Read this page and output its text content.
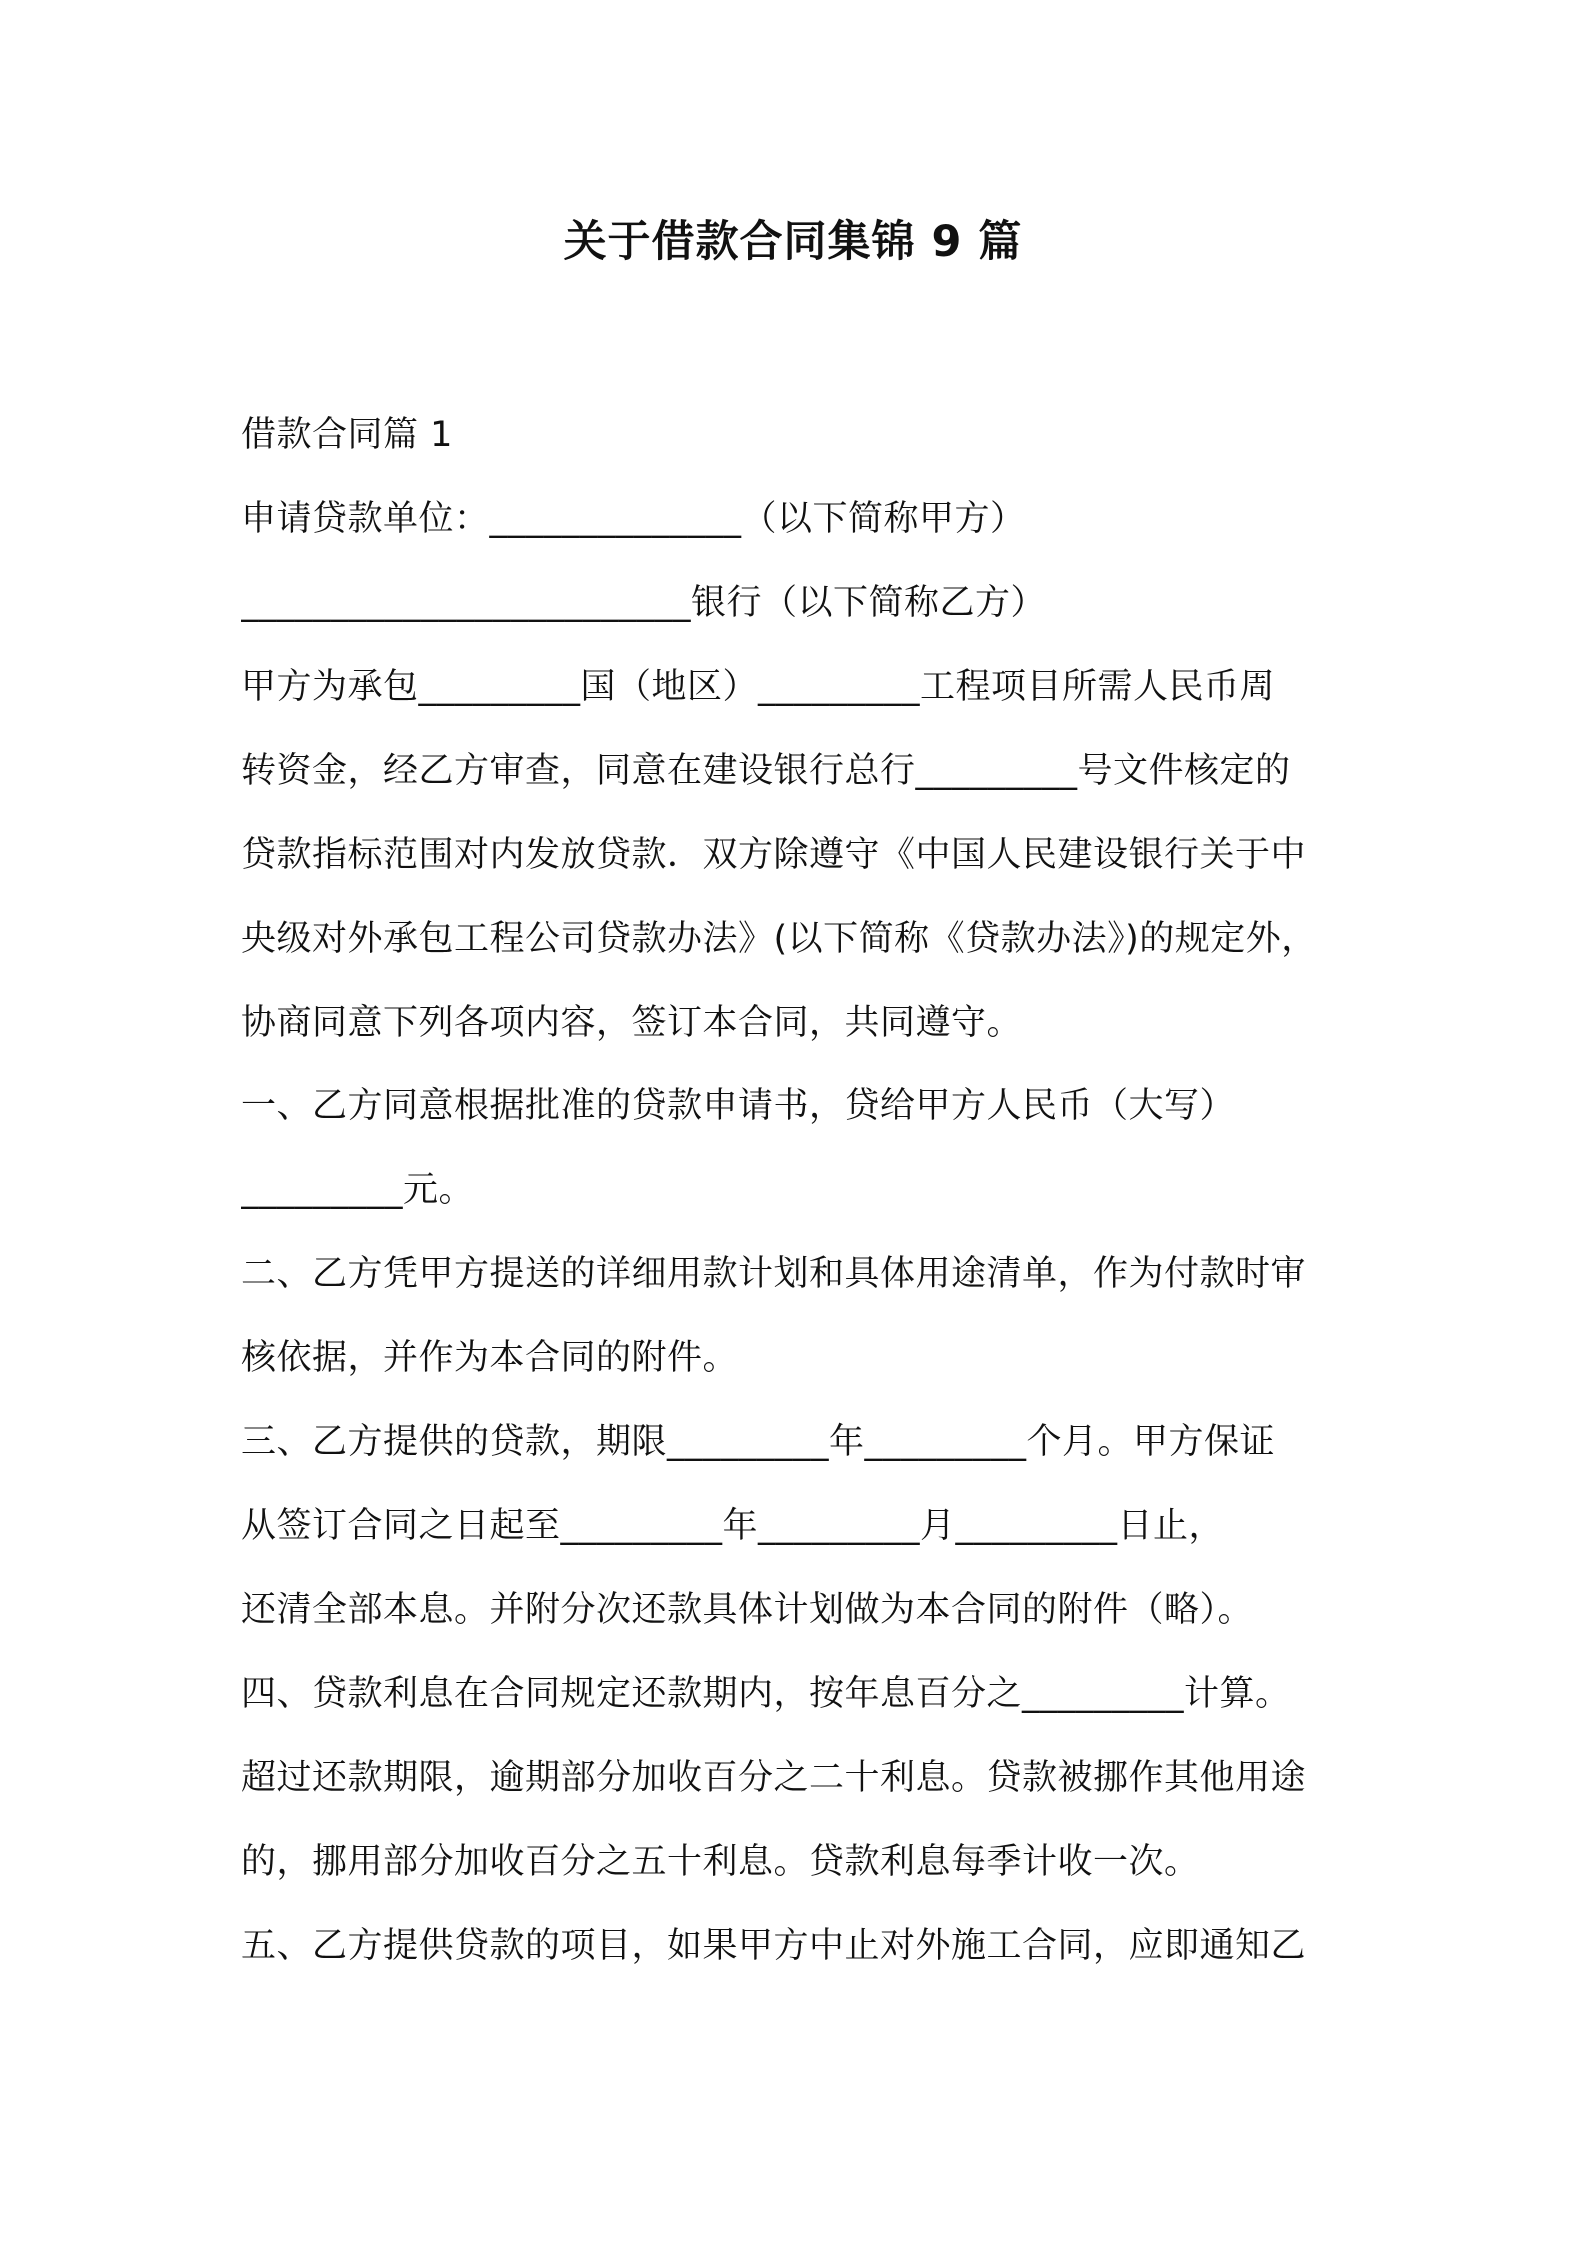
关于借款合同集锦 9 篇
借款合同篇 1
申请贷款单位：______________（以下简称甲方）
_________________________银行（以下简称乙方）
甲方为承包_________国（地区）_________工程项目所需人民币周
转资金，经乙方审查，同意在建设银行总行_________号文件核定的
贷款指标范围对内发放贷款．双方除遵守《中国人民建设银行关于中
央级对外承包工程公司贷款办法》(以下简称《贷款办法》)的规定外，
协商同意下列各项内容，签订本合同，共同遵守。
一、乙方同意根据批准的贷款申请书，贷给甲方人民币（大写）
_________元。
二、乙方凭甲方提送的详细用款计划和具体用途清单，作为付款时审
核依据，并作为本合同的附件。
三、乙方提供的贷款，期限_________年_________个月。甲方保证
从签订合同之日起至_________年_________月_________日止，
还清全部本息。并附分次还款具体计划做为本合同的附件（略）。
四、贷款利息在合同规定还款期内，按年息百分之_________计算。
超过还款期限，逾期部分加收百分之二十利息。贷款被挪作其他用途
的，挪用部分加收百分之五十利息。贷款利息每季计收一次。
五、乙方提供贷款的项目，如果甲方中止对外施工合同，应即通知乙
